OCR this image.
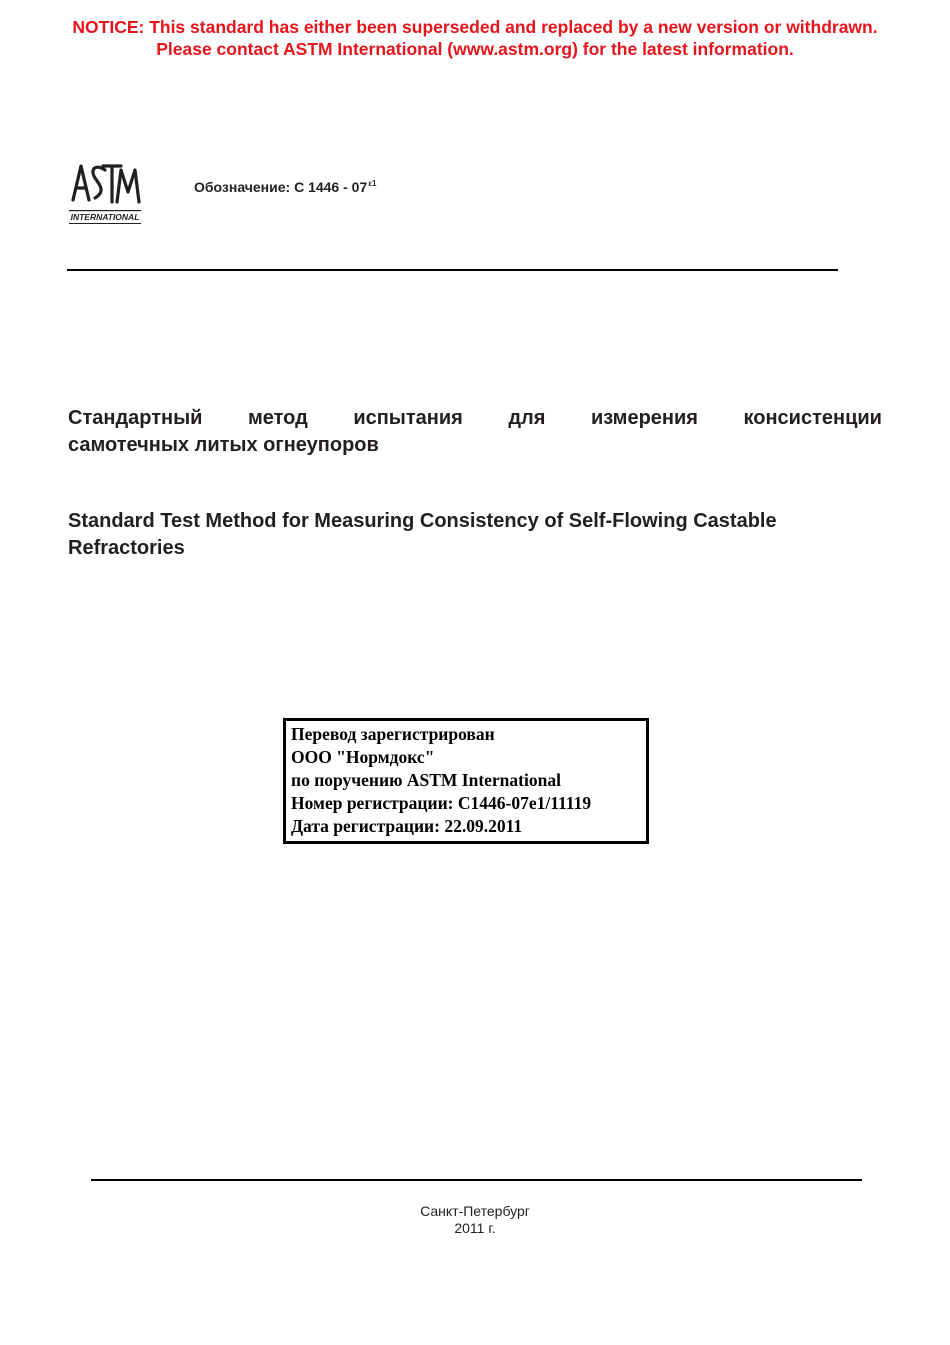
NOTICE: This standard has either been superseded and replaced by a new version or withdrawn.
Please contact ASTM International (www.astm.org) for the latest information.
INTERNATIONAL
Обозначение: С $1446 - 07^{\varepsilon 1}$
Стандартный метод испытания для измерения консистенции
самотечных литых огнеупоров
Standard Test Method for Measuring Consistency of Self-Flowing Castable Refractories
Перевод зарегистрирован
ООО "Нормдокс"
по поручению ASTM International
Номер регистрации: C1446-07e1/11119
Дата регистрации: 22.09.2011
Санкт-Петербург
2011 г.
